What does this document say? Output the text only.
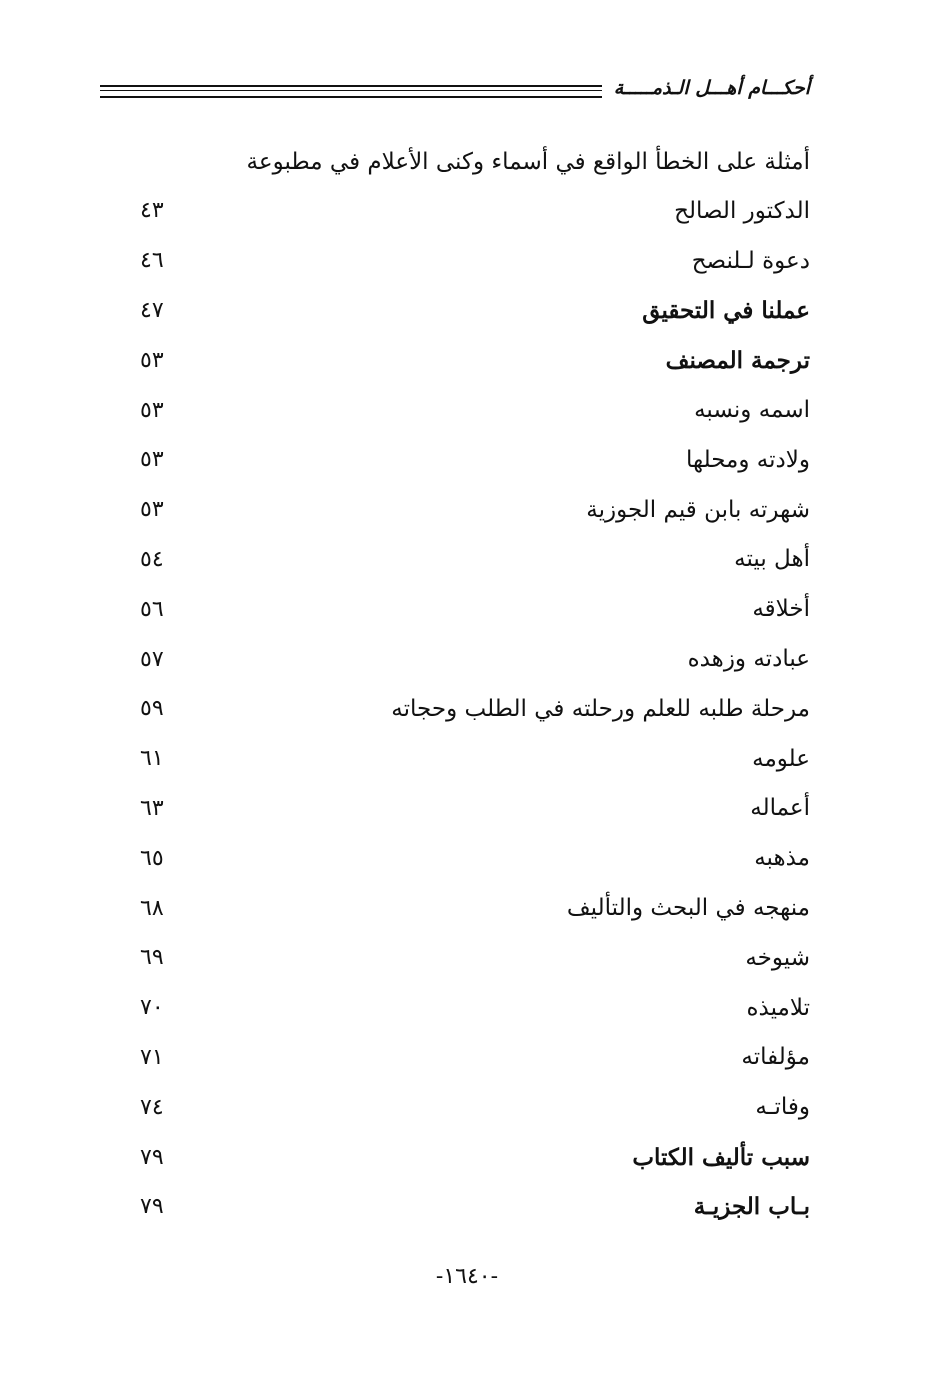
أحكـــام أهـــل الـذمـــــة
أمثلة على الخطأ الواقع في أسماء وكنى الأعلام في مطبوعة
الدكتور الصالح
٤٣
دعوة لـلنصح
٤٦
عملنا في التحقيق
٤٧
ترجمة المصنف
٥٣
اسمه ونسبه
٥٣
ولادته ومحلها
٥٣
شهرته بابن قيم الجوزية
٥٣
أهل بيته
٥٤
أخلاقه
٥٦
عبادته وزهده
٥٧
مرحلة طلبه للعلم ورحلته في الطلب وحجاته
٥٩
علومه
٦١
أعماله
٦٣
مذهبه
٦٥
منهجه في البحث والتأليف
٦٨
شيوخه
٦٩
تلاميذه
٧٠
مؤلفاته
٧١
وفاتـه
٧٤
سبب تأليف الكتاب
٧٩
بـاب الجزيـة
٧٩
-١٦٤٠-
